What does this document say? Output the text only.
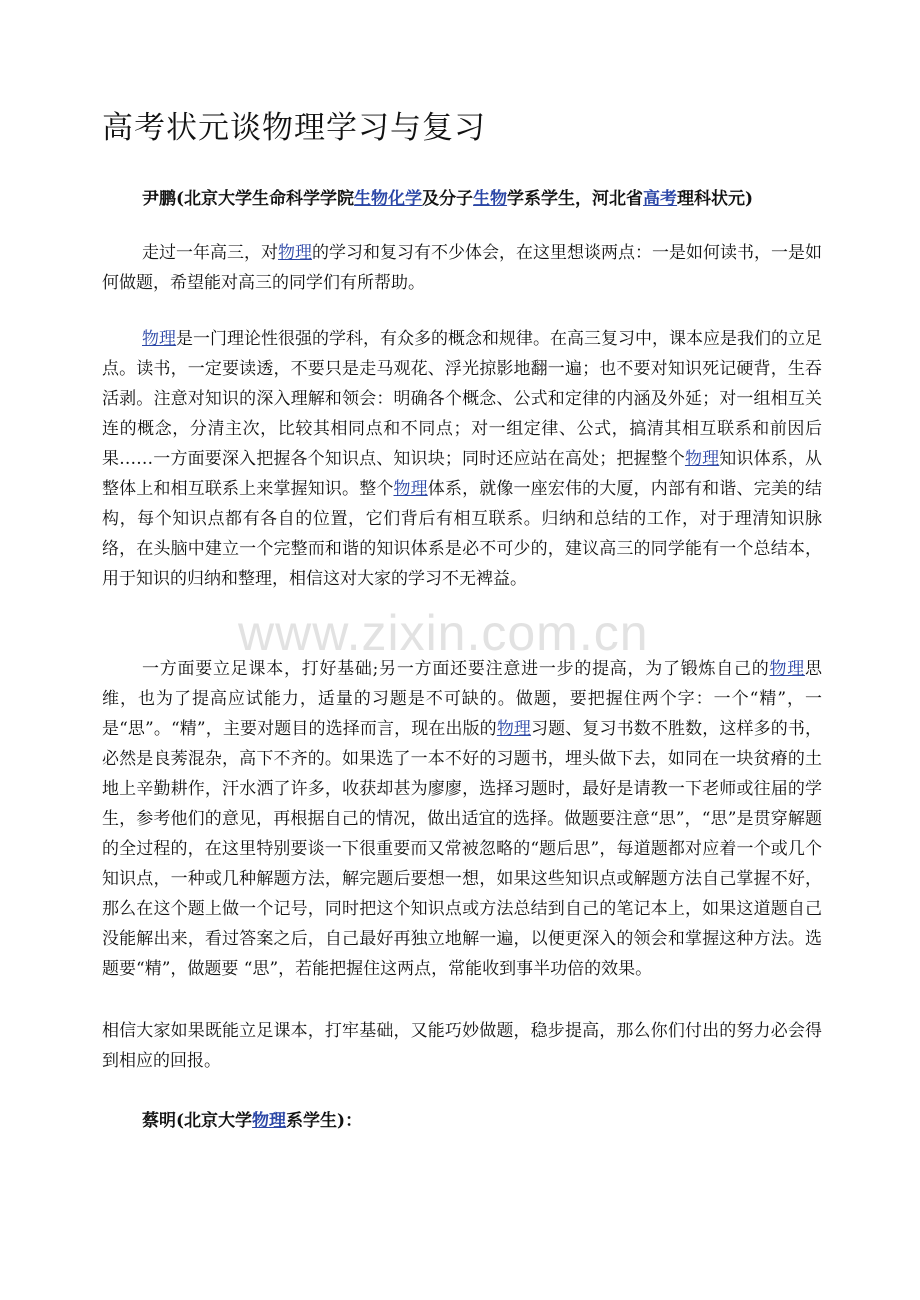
高考状元谈物理学习与复习
尹鹏(北京大学生命科学学院生物化学及分子生物学系学生，河北省高考理科状元)

走过一年高三，对物理的学习和复习有不少体会，在这里想谈两点：一是如何读书，一是如何做题，希望能对高三的同学们有所帮助。

物理是一门理论性很强的学科，有众多的概念和规律。在高三复习中，课本应是我们的立足点。读书，一定要读透，不要只是走马观花、浮光掠影地翻一遍；也不要对知识死记硬背，生吞活剥。注意对知识的深入理解和领会：明确各个概念、公式和定律的内涵及外延；对一组相互关连的概念，分清主次，比较其相同点和不同点；对一组定律、公式，搞清其相互联系和前因后果……一方面要深入把握各个知识点、知识块；同时还应站在高处；把握整个物理知识体系，从整体上和相互联系上来掌握知识。整个物理体系，就像一座宏伟的大厦，内部有和谐、完美的结构，每个知识点都有各自的位置，它们背后有相互联系。归纳和总结的工作，对于理清知识脉络，在头脑中建立一个完整而和谐的知识体系是必不可少的，建议高三的同学能有一个总结本，用于知识的归纳和整理，相信这对大家的学习不无裨益。

一方面要立足课本，打好基础;另一方面还要注意进一步的提高，为了锻炼自己的物理思维，也为了提高应试能力，适量的习题是不可缺的。做题，要把握住两个字：一个“精”，一是“思”。“精”，主要对题目的选择而言，现在出版的物理习题、复习书数不胜数，这样多的书，必然是良莠混杂，高下不齐的。如果选了一本不好的习题书，埋头做下去，如同在一块贫瘠的土地上辛勤耕作，汗水洒了许多，收获却甚为廖廖，选择习题时，最好是请教一下老师或往届的学生，参考他们的意见，再根据自己的情况，做出适宜的选择。做题要注意“思”，“思”是贯穿解题的全过程的，在这里特别要谈一下很重要而又常被忽略的“题后思”，每道题都对应着一个或几个知识点，一种或几种解题方法，解完题后要想一想，如果这些知识点或解题方法自己掌握不好，那么在这个题上做一个记号，同时把这个知识点或方法总结到自己的笔记本上，如果这道题自己没能解出来，看过答案之后，自己最好再独立地解一遍，以便更深入的领会和掌握这种方法。选题要“精”，做题要 “思”，若能把握住这两点，常能收到事半功倍的效果。

相信大家如果既能立足课本，打牢基础，又能巧妙做题，稳步提高，那么你们付出的努力必会得到相应的回报。

蔡明(北京大学物理系学生)：
www.zixin.com.cn
